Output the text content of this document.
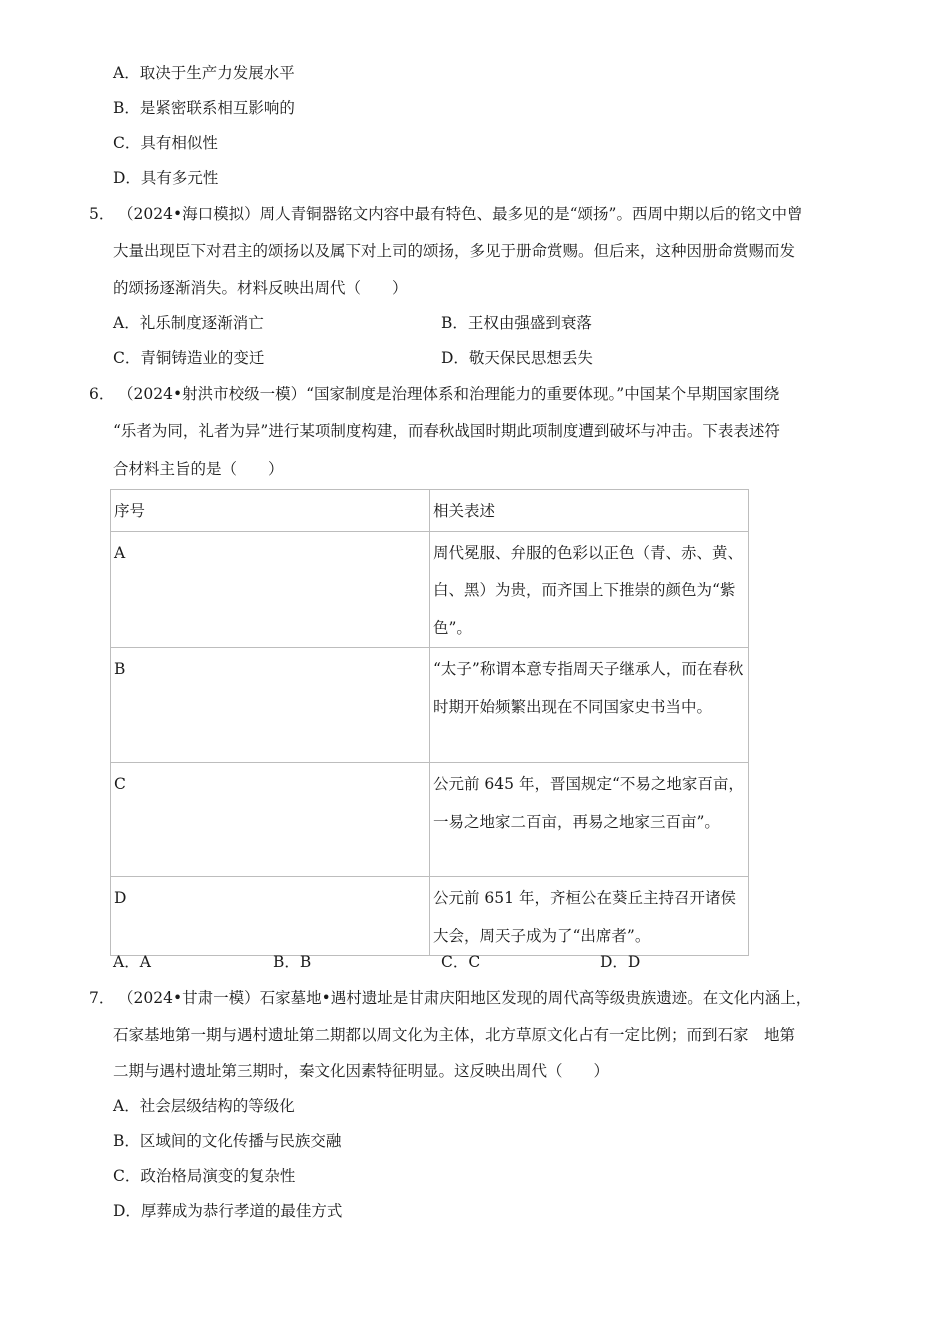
A．取决于生产力发展水平
B．是紧密联系相互影响的
C．具有相似性
D．具有多元性
5． （2024•海口模拟）周人青铜器铭文内容中最有特色、最多见的是“颂扬”。西周中期以后的铭文中曾
大量出现臣下对君主的颂扬以及属下对上司的颂扬，多见于册命赏赐。但后来，这种因册命赏赐而发
的颂扬逐渐消失。材料反映出周代（　　）
A．礼乐制度逐渐消亡	B．王权由强盛到衰落
C．青铜铸造业的变迁	D．敬天保民思想丢失
6． （2024•射洪市校级一模）“国家制度是治理体系和治理能力的重要体现。”中国某个早期国家围绕
“乐者为同，礼者为异”进行某项制度构建，而春秋战国时期此项制度遭到破坏与冲击。下表表述符
合材料主旨的是（　　）
序号	相关表述
A	周代冕服、弁服的色彩以正色（青、赤、黄、白、黑）为贵，而齐国上下推崇的颜色为“紫色”。
B	“太子”称谓本意专指周天子继承人，而在春秋时期开始频繁出现在不同国家史书当中。
C	公元前 645 年，晋国规定“不易之地家百亩，一易之地家二百亩，再易之地家三百亩”。
D	公元前 651 年，齐桓公在葵丘主持召开诸侯大会，周天子成为了“出席者”。
A．A	B．B	C．C	D．D
7． （2024•甘肃一模）石家墓地•遇村遗址是甘肃庆阳地区发现的周代高等级贵族遗迹。在文化内涵上，
石家基地第一期与遇村遗址第二期都以周文化为主体，北方草原文化占有一定比例；而到石家　地第
二期与遇村遗址第三期时，秦文化因素特征明显。这反映出周代（　　）
A．社会层级结构的等级化
B．区域间的文化传播与民族交融
C．政治格局演变的复杂性
D．厚葬成为恭行孝道的最佳方式
